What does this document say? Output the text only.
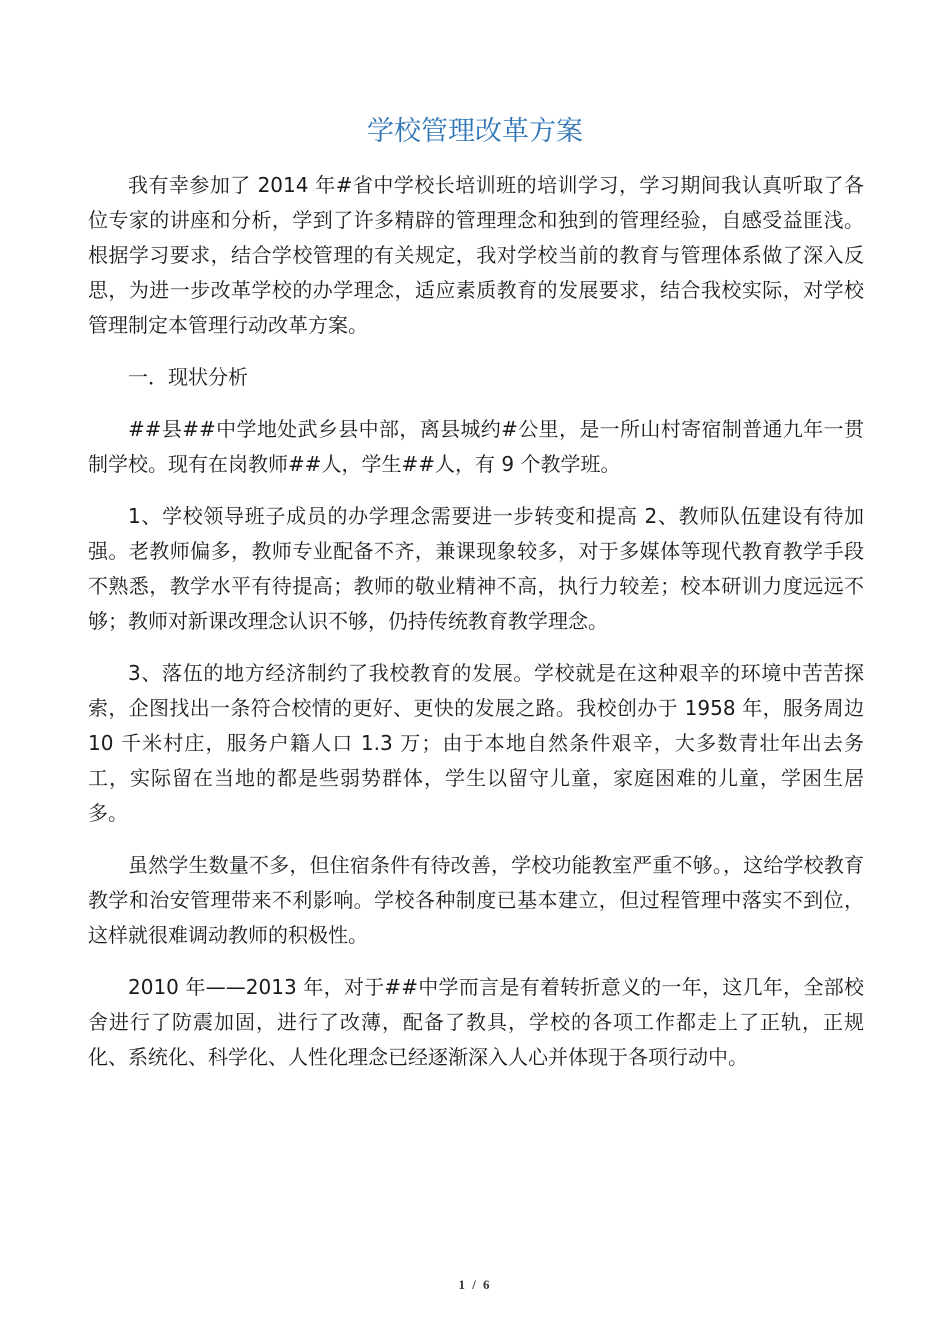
学校管理改革方案

我有幸参加了 2014 年#省中学校长培训班的培训学习，学习期间我认真听取了各位专家的讲座和分析，学到了许多精辟的管理理念和独到的管理经验，自感受益匪浅。根据学习要求，结合学校管理的有关规定，我对学校当前的教育与管理体系做了深入反思，为进一步改革学校的办学理念，适应素质教育的发展要求，结合我校实际，对学校管理制定本管理行动改革方案。

一．现状分析

##县##中学地处武乡县中部，离县城约#公里，是一所山村寄宿制普通九年一贯制学校。现有在岗教师##人，学生##人，有 9 个教学班。

1、学校领导班子成员的办学理念需要进一步转变和提高 2、教师队伍建设有待加强。老教师偏多，教师专业配备不齐，兼课现象较多，对于多媒体等现代教育教学手段不熟悉，教学水平有待提高；教师的敬业精神不高，执行力较差；校本研训力度远远不够；教师对新课改理念认识不够，仍持传统教育教学理念。

3、落伍的地方经济制约了我校教育的发展。学校就是在这种艰辛的环境中苦苦探索，企图找出一条符合校情的更好、更快的发展之路。我校创办于 1958 年，服务周边 10 千米村庄，服务户籍人口 1.3 万；由于本地自然条件艰辛，大多数青壮年出去务工，实际留在当地的都是些弱势群体，学生以留守儿童，家庭困难的儿童，学困生居多。

虽然学生数量不多，但住宿条件有待改善，学校功能教室严重不够。，这给学校教育教学和治安管理带来不利影响。学校各种制度已基本建立，但过程管理中落实不到位，这样就很难调动教师的积极性。

2010 年——2013 年，对于##中学而言是有着转折意义的一年，这几年，全部校舍进行了防震加固，进行了改薄，配备了教具，学校的各项工作都走上了正轨，正规化、系统化、科学化、人性化理念已经逐渐深入人心并体现于各项行动中。

1 / 6
